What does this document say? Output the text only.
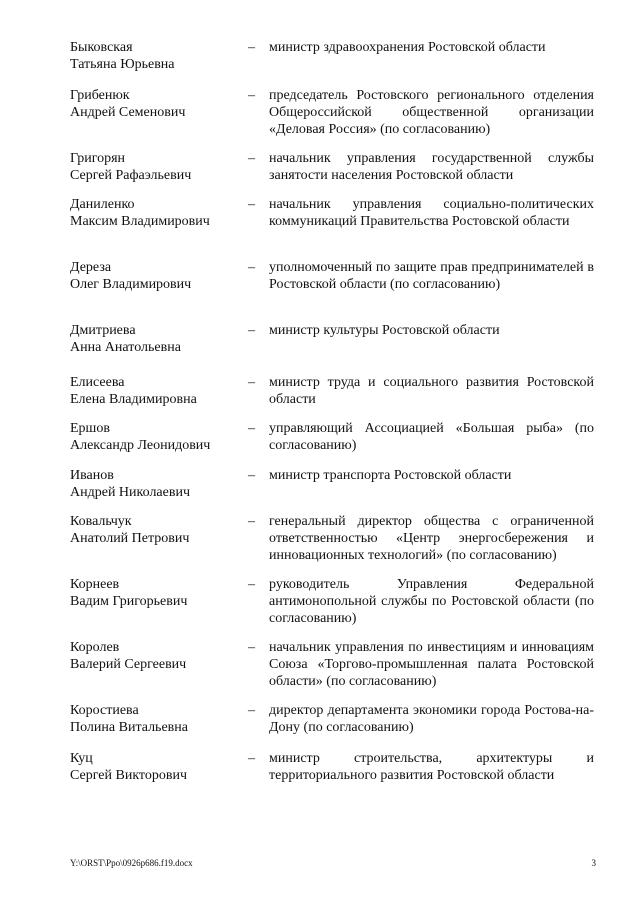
Быковская
Татьяна Юрьевна
– министр здравоохранения Ростовской области
Грибенюк
Андрей Семенович
– председатель Ростовского регионального отделения Общероссийской общественной организации «Деловая Россия» (по согласованию)
Григорян
Сергей Рафаэльевич
– начальник управления государственной службы занятости населения Ростовской области
Даниленко
Максим Владимирович
– начальник управления социально-политических коммуникаций Правительства Ростовской области
Дереза
Олег Владимирович
– уполномоченный по защите прав предпринимателей в Ростовской области (по согласованию)
Дмитриева
Анна Анатольевна
– министр культуры Ростовской области
Елисеева
Елена Владимировна
– министр труда и социального развития Ростовской области
Ершов
Александр Леонидович
– управляющий Ассоциацией «Большая рыба» (по согласованию)
Иванов
Андрей Николаевич
– министр транспорта Ростовской области
Ковальчук
Анатолий Петрович
– генеральный директор общества с ограниченной ответственностью «Центр энергосбережения и инновационных технологий» (по согласованию)
Корнеев
Вадим Григорьевич
– руководитель Управления Федеральной антимонопольной службы по Ростовской области (по согласованию)
Королев
Валерий Сергеевич
– начальник управления по инвестициям и инновациям Союза «Торгово-промышленная палата Ростовской области» (по согласованию)
Коростиева
Полина Витальевна
– директор департамента экономики города Ростова-на-Дону (по согласованию)
Куц
Сергей Викторович
– министр строительства, архитектуры и территориального развития Ростовской области
Y:\ORST\Ppo\0926p686.f19.docx	3
